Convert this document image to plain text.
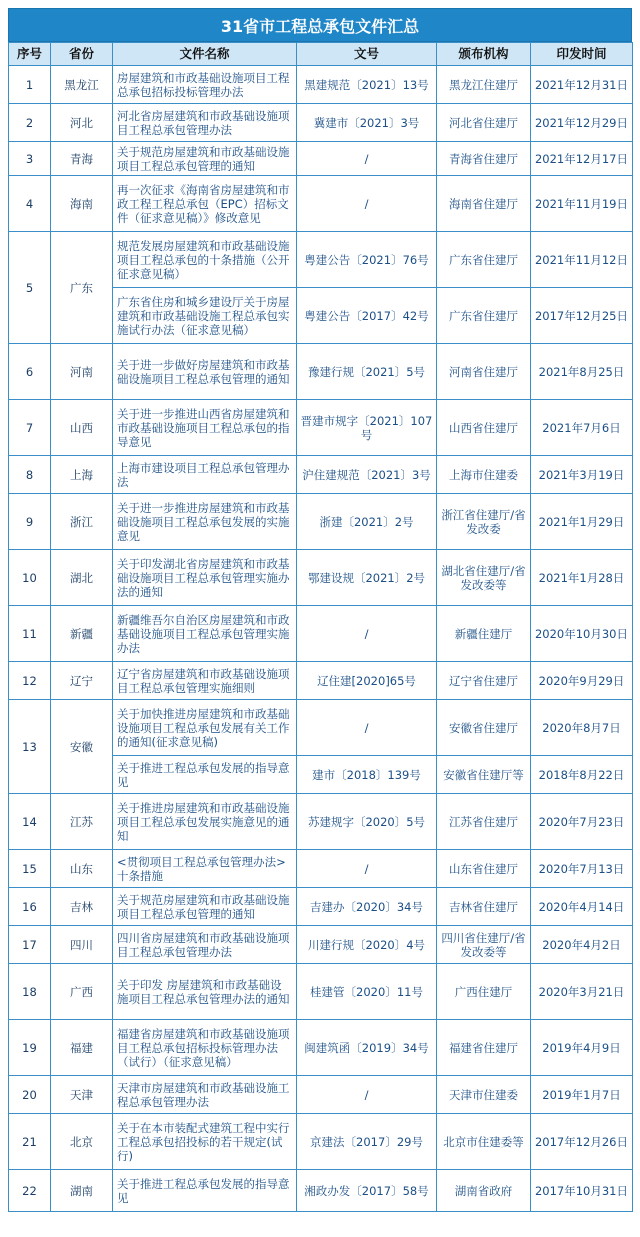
31省市工程总承包文件汇总
序号	省份	文件名称	文号	颁布机构	印发时间
1	黑龙江	房屋建筑和市政基础设施项目工程总承包招标投标管理办法	黑建规范〔2021〕13号	黑龙江住建厅	2021年12月31日
2	河北	河北省房屋建筑和市政基础设施项目工程总承包管理办法	冀建市〔2021〕3号	河北省住建厅	2021年12月29日
3	青海	关于规范房屋建筑和市政基础设施项目工程总承包管理的通知	/	青海省住建厅	2021年12月17日
4	海南	再一次征求《海南省房屋建筑和市政工程工程总承包（EPC）招标文件（征求意见稿）》修改意见	/	海南省住建厅	2021年11月19日
5	广东	规范发展房屋建筑和市政基础设施项目工程总承包的十条措施（公开征求意见稿）	粤建公告〔2021〕76号	广东省住建厅	2021年11月12日
		广东省住房和城乡建设厅关于房屋建筑和市政基础设施工程总承包实施试行办法（征求意见稿）	粤建公告〔2017〕42号	广东省住建厅	2017年12月25日
6	河南	关于进一步做好房屋建筑和市政基础设施项目工程总承包管理的通知	豫建行规〔2021〕5号	河南省住建厅	2021年8月25日
7	山西	关于进一步推进山西省房屋建筑和市政基础设施项目工程总承包的指导意见	晋建市规字〔2021〕107号	山西省住建厅	2021年7月6日
8	上海	上海市建设项目工程总承包管理办法	沪住建规范〔2021〕3号	上海市住建委	2021年3月19日
9	浙江	关于进一步推进房屋建筑和市政基础设施项目工程总承包发展的实施意见	浙建〔2021〕2号	浙江省住建厅/省发改委	2021年1月29日
10	湖北	关于印发湖北省房屋建筑和市政基础设施项目工程总承包管理实施办法的通知	鄂建设规〔2021〕2号	湖北省住建厅/省发改委等	2021年1月28日
11	新疆	新疆维吾尔自治区房屋建筑和市政基础设施项目工程总承包管理实施办法	/	新疆住建厅	2020年10月30日
12	辽宁	辽宁省房屋建筑和市政基础设施项目工程总承包管理实施细则	辽住建[2020]65号	辽宁省住建厅	2020年9月29日
13	安徽	关于加快推进房屋建筑和市政基础设施项目工程总承包发展有关工作的通知(征求意见稿)	/	安徽省住建厅	2020年8月7日
		关于推进工程总承包发展的指导意见	建市〔2018〕139号	安徽省住建厅等	2018年8月22日
14	江苏	关于推进房屋建筑和市政基础设施项目工程总承包发展实施意见的通知	苏建规字〔2020〕5号	江苏省住建厅	2020年7月23日
15	山东	<贯彻项目工程总承包管理办法>十条措施	/	山东省住建厅	2020年7月13日
16	吉林	关于规范房屋建筑和市政基础设施项目工程总承包管理的通知	吉建办〔2020〕34号	吉林省住建厅	2020年4月14日
17	四川	四川省房屋建筑和市政基础设施项目工程总承包管理办法	川建行规〔2020〕4号	四川省住建厅/省发改委等	2020年4月2日
18	广西	关于印发 房屋建筑和市政基础设施项目工程总承包管理办法的通知	桂建管〔2020〕11号	广西住建厅	2020年3月21日
19	福建	福建省房屋建筑和市政基础设施项目工程总承包招标投标管理办法（试行）（征求意见稿）	闽建筑函〔2019〕34号	福建省住建厅	2019年4月9日
20	天津	天津市房屋建筑和市政基础设施工程总承包管理办法	/	天津市住建委	2019年1月7日
21	北京	关于在本市装配式建筑工程中实行工程总承包招投标的若干规定(试行)	京建法〔2017〕29号	北京市住建委等	2017年12月26日
22	湖南	关于推进工程总承包发展的指导意见	湘政办发〔2017〕58号	湖南省政府	2017年10月31日
